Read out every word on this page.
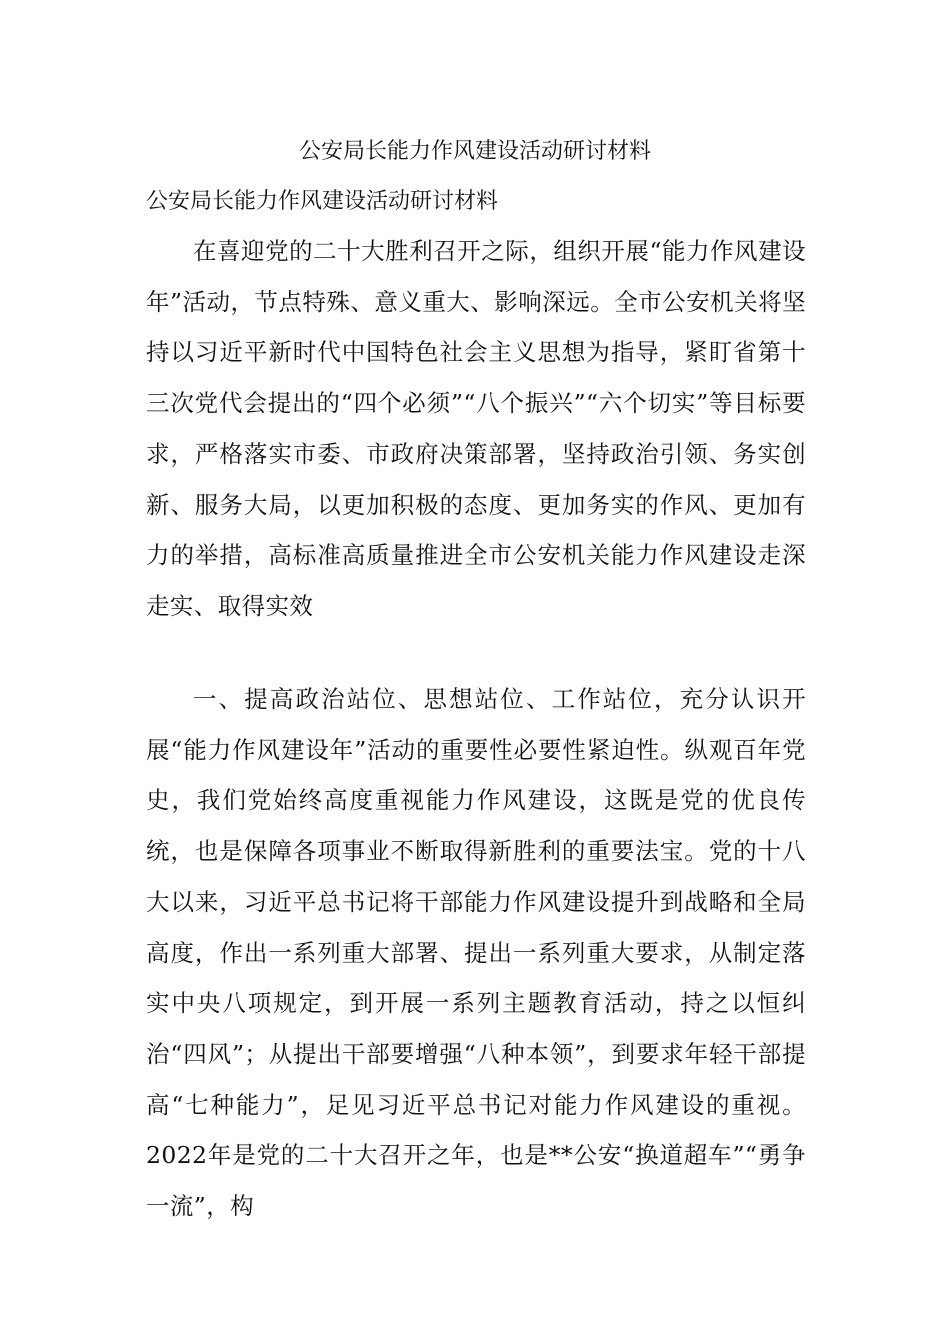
公安局长能力作风建设活动研讨材料

公安局长能力作风建设活动研讨材料

在喜迎党的二十大胜利召开之际，组织开展“能力作风建设年”活动，节点特殊、意义重大、影响深远。全市公安机关将坚持以习近平新时代中国特色社会主义思想为指导，紧盯省第十三次党代会提出的“四个必须”“八个振兴”“六个切实”等目标要求，严格落实市委、市政府决策部署，坚持政治引领、务实创新、服务大局，以更加积极的态度、更加务实的作风、更加有力的举措，高标准高质量推进全市公安机关能力作风建设走深走实、取得实效

一、提高政治站位、思想站位、工作站位，充分认识开展“能力作风建设年”活动的重要性必要性紧迫性。纵观百年党史，我们党始终高度重视能力作风建设，这既是党的优良传统，也是保障各项事业不断取得新胜利的重要法宝。党的十八大以来，习近平总书记将干部能力作风建设提升到战略和全局高度，作出一系列重大部署、提出一系列重大要求，从制定落实中央八项规定，到开展一系列主题教育活动，持之以恒纠治“四风”；从提出干部要增强“八种本领”，到要求年轻干部提高“七种能力”，足见习近平总书记对能力作风建设的重视。2022年是党的二十大召开之年，也是**公安“换道超车”“勇争一流”，构
